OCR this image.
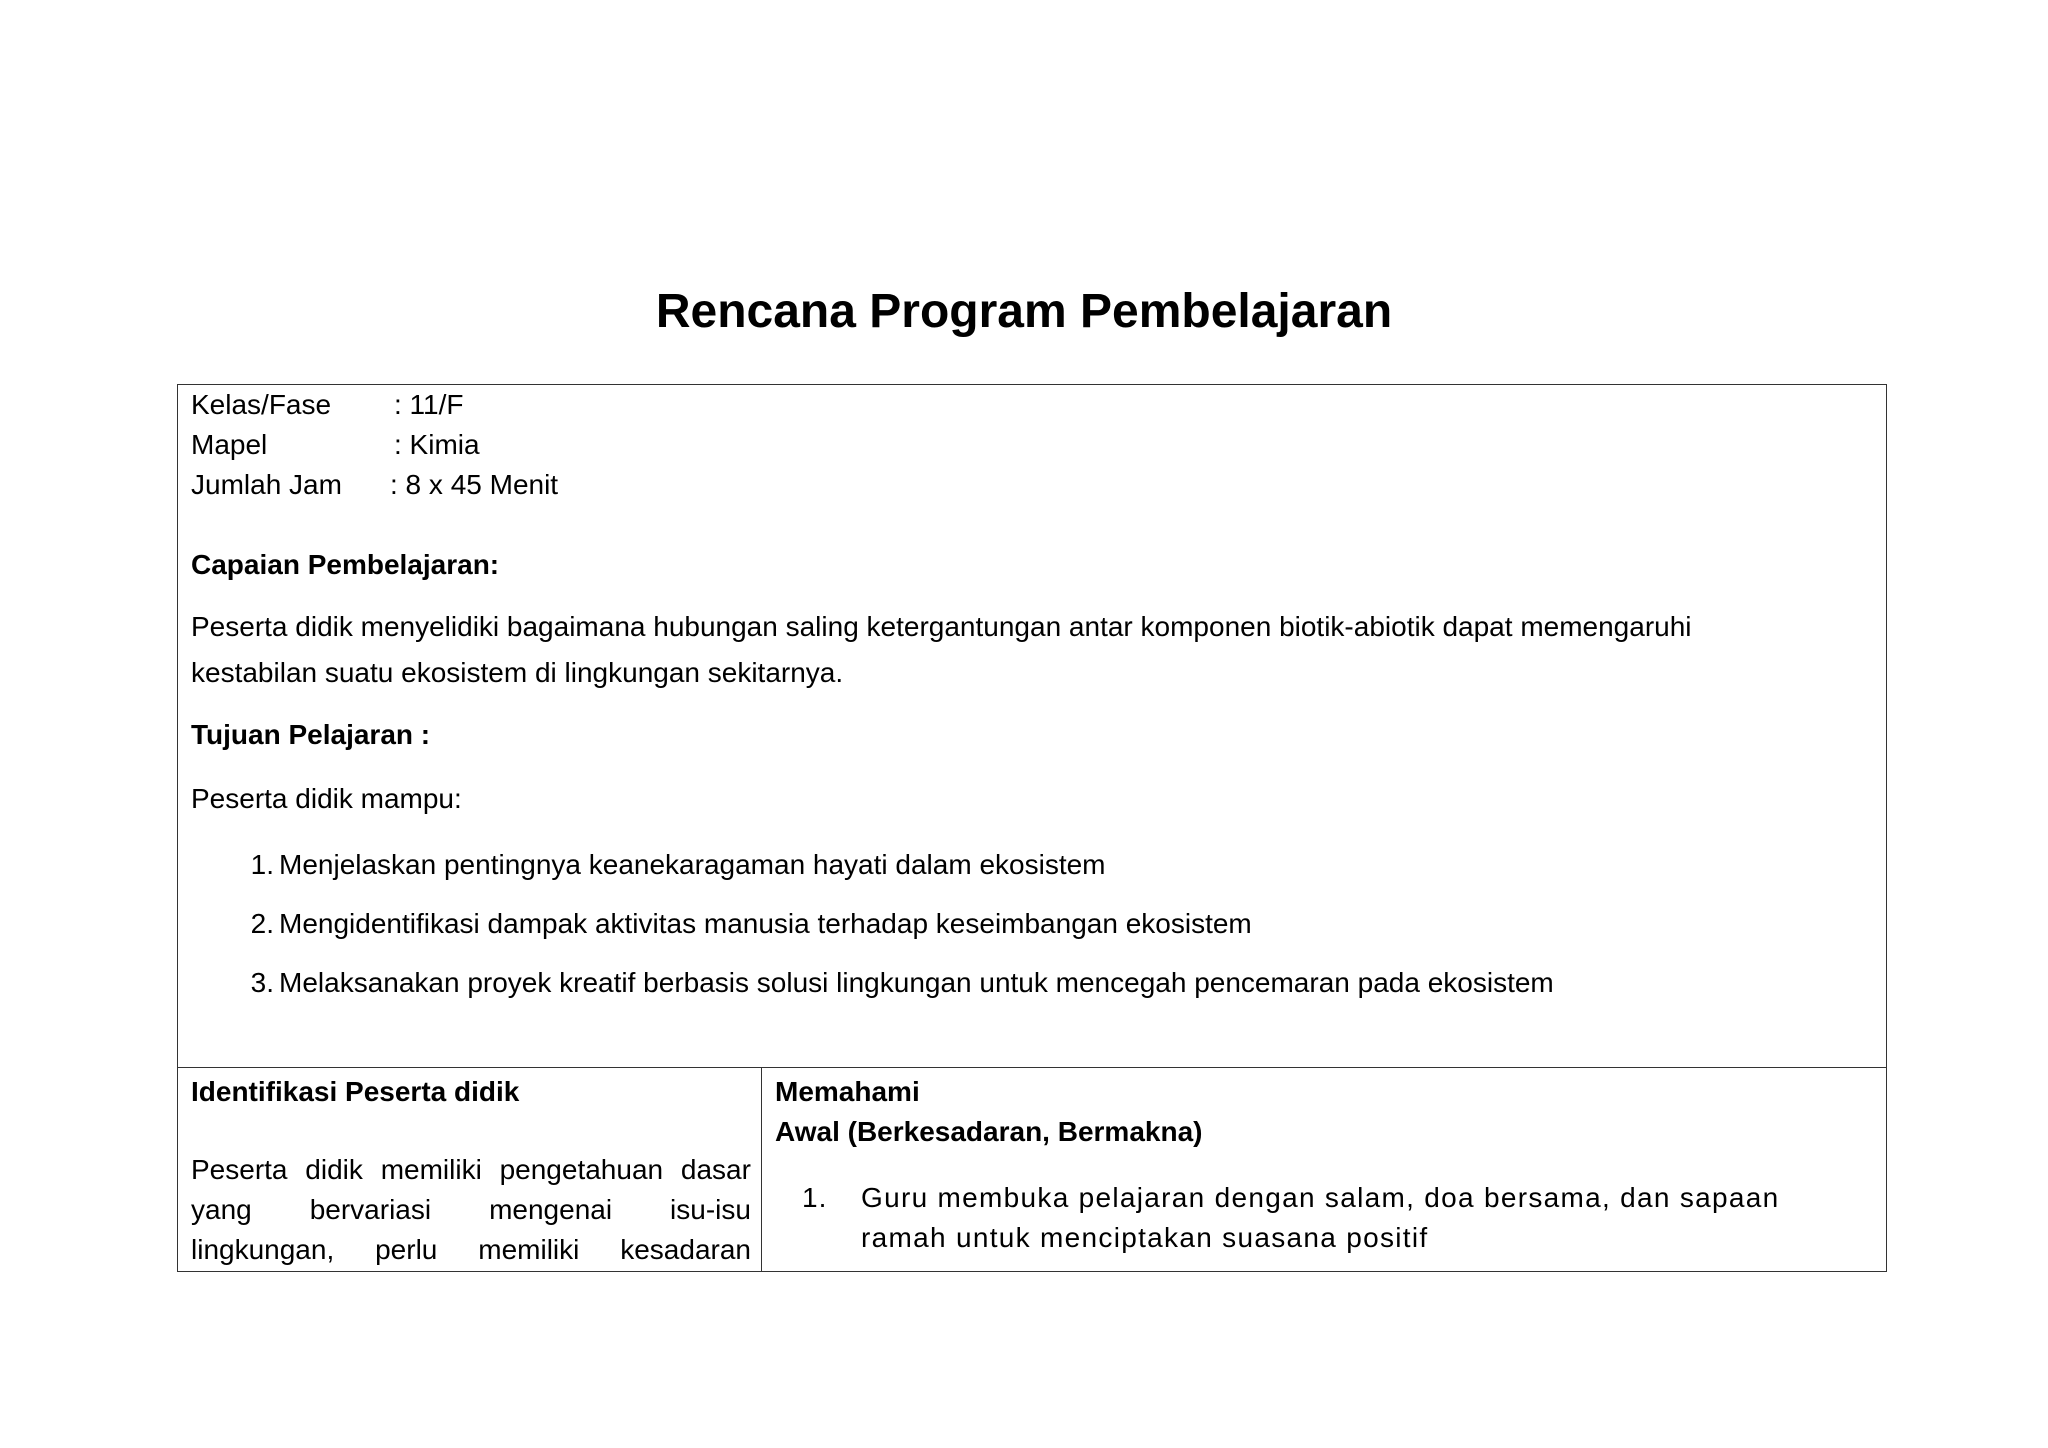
Rencana Program Pembelajaran
Kelas/Fase : 11/F
Mapel	: Kimia
Jumlah Jam : 8 x 45 Menit
Capaian Pembelajaran:
Peserta didik menyelidiki bagaimana hubungan saling ketergantungan antar komponen biotik-abiotik dapat memengaruhi
kestabilan suatu ekosistem di lingkungan sekitarnya.
Tujuan Pelajaran :
Peserta didik mampu:
1. Menjelaskan pentingnya keanekaragaman hayati dalam ekosistem
2. Mengidentifikasi dampak aktivitas manusia terhadap keseimbangan ekosistem
3. Melaksanakan proyek kreatif berbasis solusi lingkungan untuk mencegah pencemaran pada ekosistem
Identifikasi Peserta didik
Peserta didik memiliki pengetahuan dasar
yang bervariasi mengenai isu-isu
lingkungan, perlu memiliki kesadaran
Memahami
Awal (Berkesadaran, Bermakna)
1. Guru membuka pelajaran dengan salam, doa bersama, dan sapaan
ramah untuk menciptakan suasana positif
